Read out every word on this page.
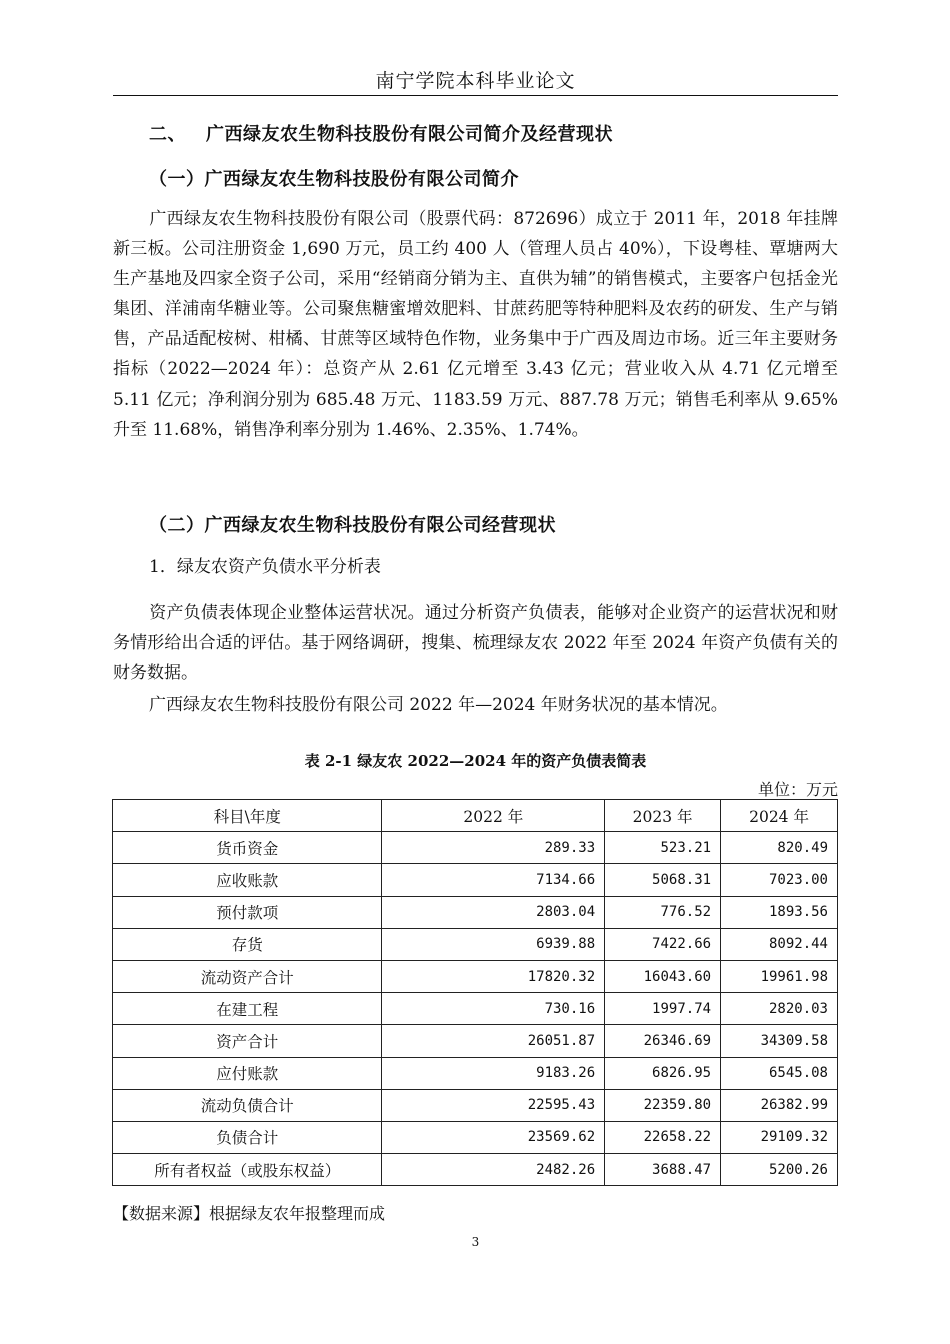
南宁学院本科毕业论文
二、 广西绿友农生物科技股份有限公司简介及经营现状
（一）广西绿友农生物科技股份有限公司简介
广西绿友农生物科技股份有限公司（股票代码：872696）成立于 2011 年，2018 年挂牌新三板。公司注册资金 1,690 万元，员工约 400 人（管理人员占 40%），下设粤桂、覃塘两大生产基地及四家全资子公司，采用“经销商分销为主、直供为辅”的销售模式，主要客户包括金光集团、洋浦南华糖业等。公司聚焦糖蜜增效肥料、甘蔗药肥等特种肥料及农药的研发、生产与销售，产品适配桉树、柑橘、甘蔗等区域特色作物，业务集中于广西及周边市场。近三年主要财务指标（2022—2024 年）：总资产从 2.61 亿元增至 3.43 亿元；营业收入从 4.71 亿元增至 5.11 亿元；净利润分别为 685.48 万元、1183.59 万元、887.78 万元；销售毛利率从 9.65%升至 11.68%，销售净利率分别为 1.46%、2.35%、1.74%。
（二）广西绿友农生物科技股份有限公司经营现状
1．绿友农资产负债水平分析表
资产负债表体现企业整体运营状况。通过分析资产负债表，能够对企业资产的运营状况和财务情形给出合适的评估。基于网络调研，搜集、梳理绿友农 2022 年至 2024 年资产负债有关的财务数据。
广西绿友农生物科技股份有限公司 2022 年—2024 年财务状况的基本情况。
表 2-1 绿友农 2022—2024 年的资产负债表简表
单位：万元
科目\年度	2022 年	2023 年	2024 年
货币资金	289.33	523.21	820.49
应收账款	7134.66	5068.31	7023.00
预付款项	2803.04	776.52	1893.56
存货	6939.88	7422.66	8092.44
流动资产合计	17820.32	16043.60	19961.98
在建工程	730.16	1997.74	2820.03
资产合计	26051.87	26346.69	34309.58
应付账款	9183.26	6826.95	6545.08
流动负债合计	22595.43	22359.80	26382.99
负债合计	23569.62	22658.22	29109.32
所有者权益（或股东权益）	2482.26	3688.47	5200.26
【数据来源】根据绿友农年报整理而成
3
